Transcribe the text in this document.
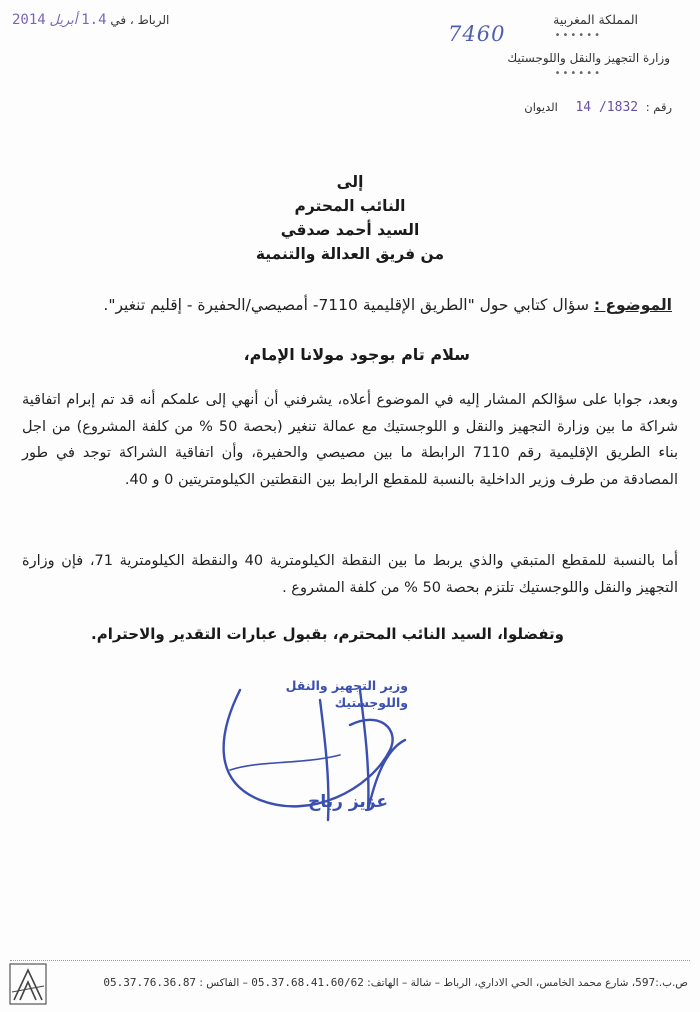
المملكة المغربية
••••••
وزارة التجهيز والنقل واللوجستيك
••••••
رقم : 1832/ 14 الديوان
الرباط ، في 1.4 أبريل 2014
7460
إلى
النائب المحترم
السيد أحمد صدقي
من فريق العدالة والتنمية
الموضوع : سؤال كتابي حول "الطريق الإقليمية 7110- أمصيصي/الحفيرة - إقليم تنغير".
سلام تام بوجود مولانا الإمام،

وبعد، جوابا على سؤالكم المشار إليه في الموضوع أعلاه، يشرفني أن أنهي إلى علمكم أنه قد تم إبرام اتفاقية شراكة ما بين وزارة التجهيز والنقل و اللوجستيك مع عمالة تنغير (بحصة 50 % من كلفة المشروع) من اجل بناء الطريق الإقليمية رقم 7110 الرابطة ما بين مصيصي والحفيرة، وأن اتفاقية الشراكة توجد في طور المصادقة من طرف وزير الداخلية بالنسبة للمقطع الرابط بين النقطتين الكيلومتريتين 0 و 40.

أما بالنسبة للمقطع المتبقي والذي يربط ما بين النقطة الكيلومترية 40 والنقطة الكيلومترية 71، فإن وزارة التجهيز والنقل واللوجستيك تلتزم بحصة 50 % من كلفة المشروع .

وتفضلوا، السيد النائب المحترم، بقبول عبارات التقدير والاحترام.
وزير التجهيز والنقل
واللوجستيك
عزيز رباح
ص.ب.:597، شارع محمد الخامس، الحي الاداري، الرباط – شالة – الهاتف: 05.37.68.41.60/62 – الفاكس : 05.37.76.36.87
